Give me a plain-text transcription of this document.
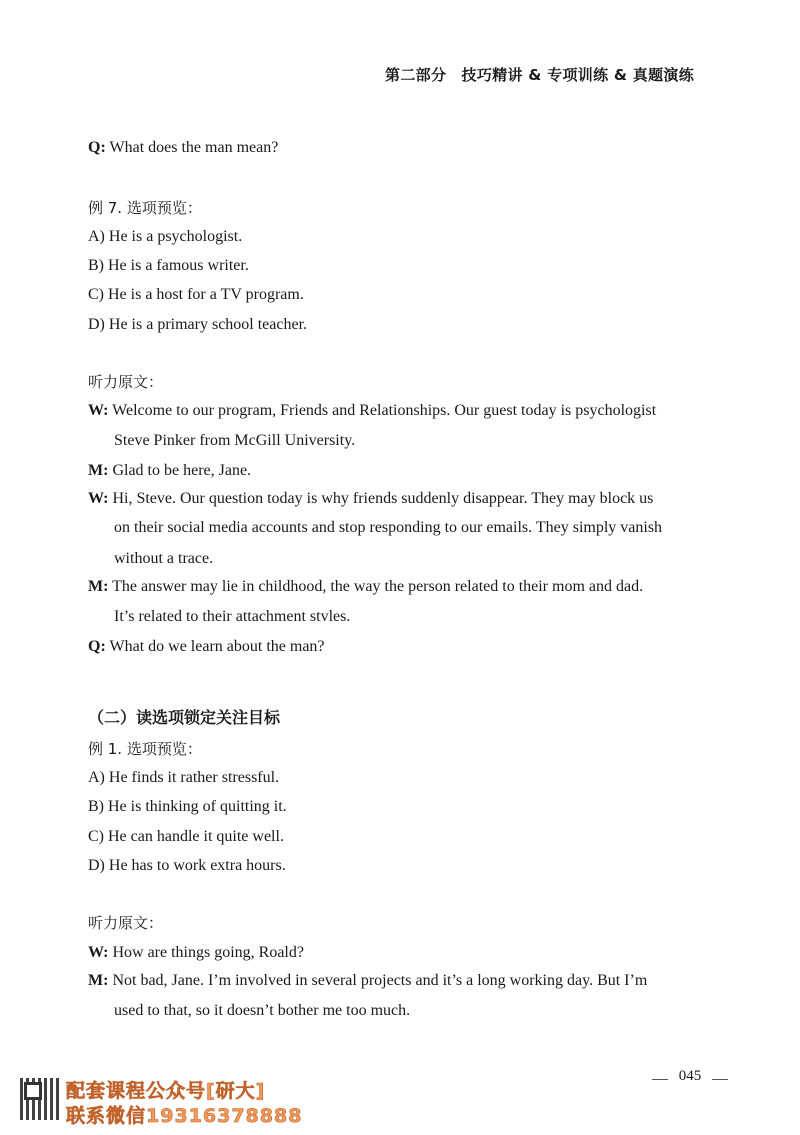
第二部分　技巧精讲 & 专项训练 & 真题演练
Q: What does the man mean?
例 7. 选项预览：
A) He is a psychologist.
B) He is a famous writer.
C) He is a host for a TV program.
D) He is a primary school teacher.
听力原文：
W: Welcome to our program, Friends and Relationships. Our guest today is psychologist
Steve Pinker from McGill University.
M: Glad to be here, Jane.
W: Hi, Steve. Our question today is why friends suddenly disappear. They may block us
on their social media accounts and stop responding to our emails. They simply vanish
without a trace.
M: The answer may lie in childhood, the way the person related to their mom and dad.
It’s related to their attachment stvles.
Q: What do we learn about the man?
（二）读选项锁定关注目标
例 1. 选项预览：
A) He finds it rather stressful.
B) He is thinking of quitting it.
C) He can handle it quite well.
D) He has to work extra hours.
听力原文：
W: How are things going, Roald?
M: Not bad, Jane. I’m involved in several projects and it’s a long working day. But I’m
used to that, so it doesn’t bother me too much.
045
配套课程公众号[研大]
联系微信19316378888
